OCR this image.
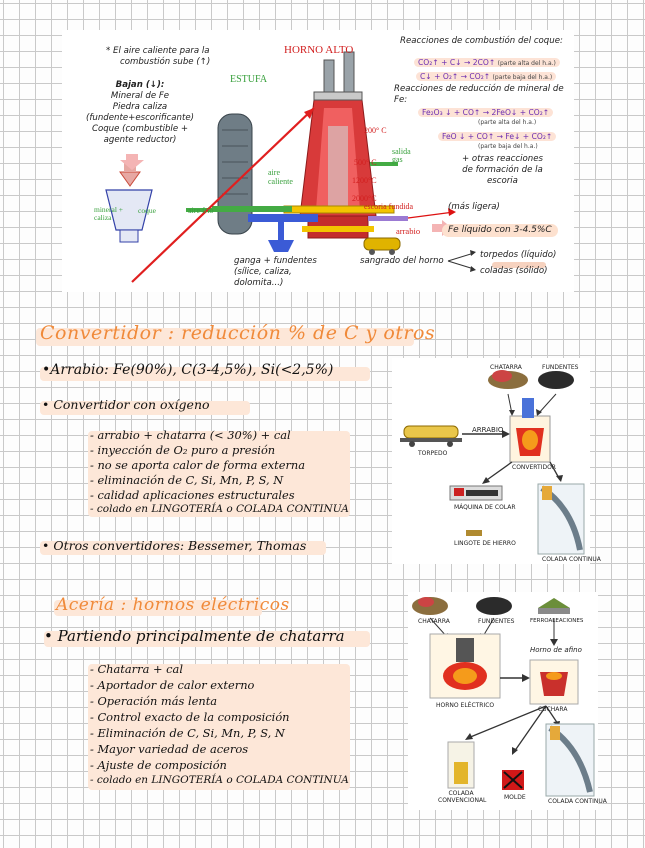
* El aire caliente para la
combustión sube (↑)
HORNO ALTO
ESTUFA
Bajan (↓):
Mineral de Fe
Piedra caliza
(fundente+escorificante)
Coque (combustible +
agente reductor)
mineral + caliza
coque	aire frío
aire caliente
200° C
500° C
1200°C
2000°C
salida gas
escoria fundida	(más ligera)
arrabio	Fe líquido con 3-4.5%C
ganga + fundentes
(sílice, caliza,
dolomita...)
sangrado del horno
torpedos (líquido)
coladas (sólido)
Reacciones de combustión del coque:
CO₂↑ + C↓ → 2CO↑ (parte alta del h.a.)
C↓ + O₂↑ → CO₂↑ (parte baja del h.a.)
Reacciones de reducción de mineral de Fe:
Fe₂O₃ ↓ + CO↑ → 2FeO↓ + CO₂↑
(parte alta del h.a.)
FeO ↓ + CO↑ → Fe↓ + CO₂↑
(parte baja del h.a.)
+ otras reacciones
de formación de la
escoria
Convertidor : reducción % de C y otros
•Arrabio: Fe(90%), C(3-4,5%), Si(<2,5%)
• Convertidor con oxígeno
- arrabio + chatarra (< 30%) + cal
- inyección de O₂ puro a presión
- no se aporta calor de forma externa
- eliminación de C, Si, Mn, P, S, N
- calidad aplicaciones estructurales
- colado en LINGOTERÍA o COLADA CONTINUA
• Otros convertidores: Bessemer, Thomas
CHATARRA	FUNDENTES
TORPEDO
ARRABIO
CONVERTIDOR
MÁQUINA DE COLAR
LINGOTE DE HIERRO
COLADA CONTINUA
Acería : hornos eléctricos
• Partiendo principalmente de chatarra
- Chatarra + cal
- Aportador de calor externo
- Operación más lenta
- Control exacto de la composición
- Eliminación de C, Si, Mn, P, S, N
- Mayor variedad de aceros
- Ajuste de composición
- colado en LINGOTERÍA o COLADA CONTINUA
CHATARRA	FUNDENTES	FERROALEACIONES
Horno de afino
HORNO ELÉCTRICO
CUCHARA
COLADA CONVENCIONAL	MOLDE
COLADA CONTINUA
